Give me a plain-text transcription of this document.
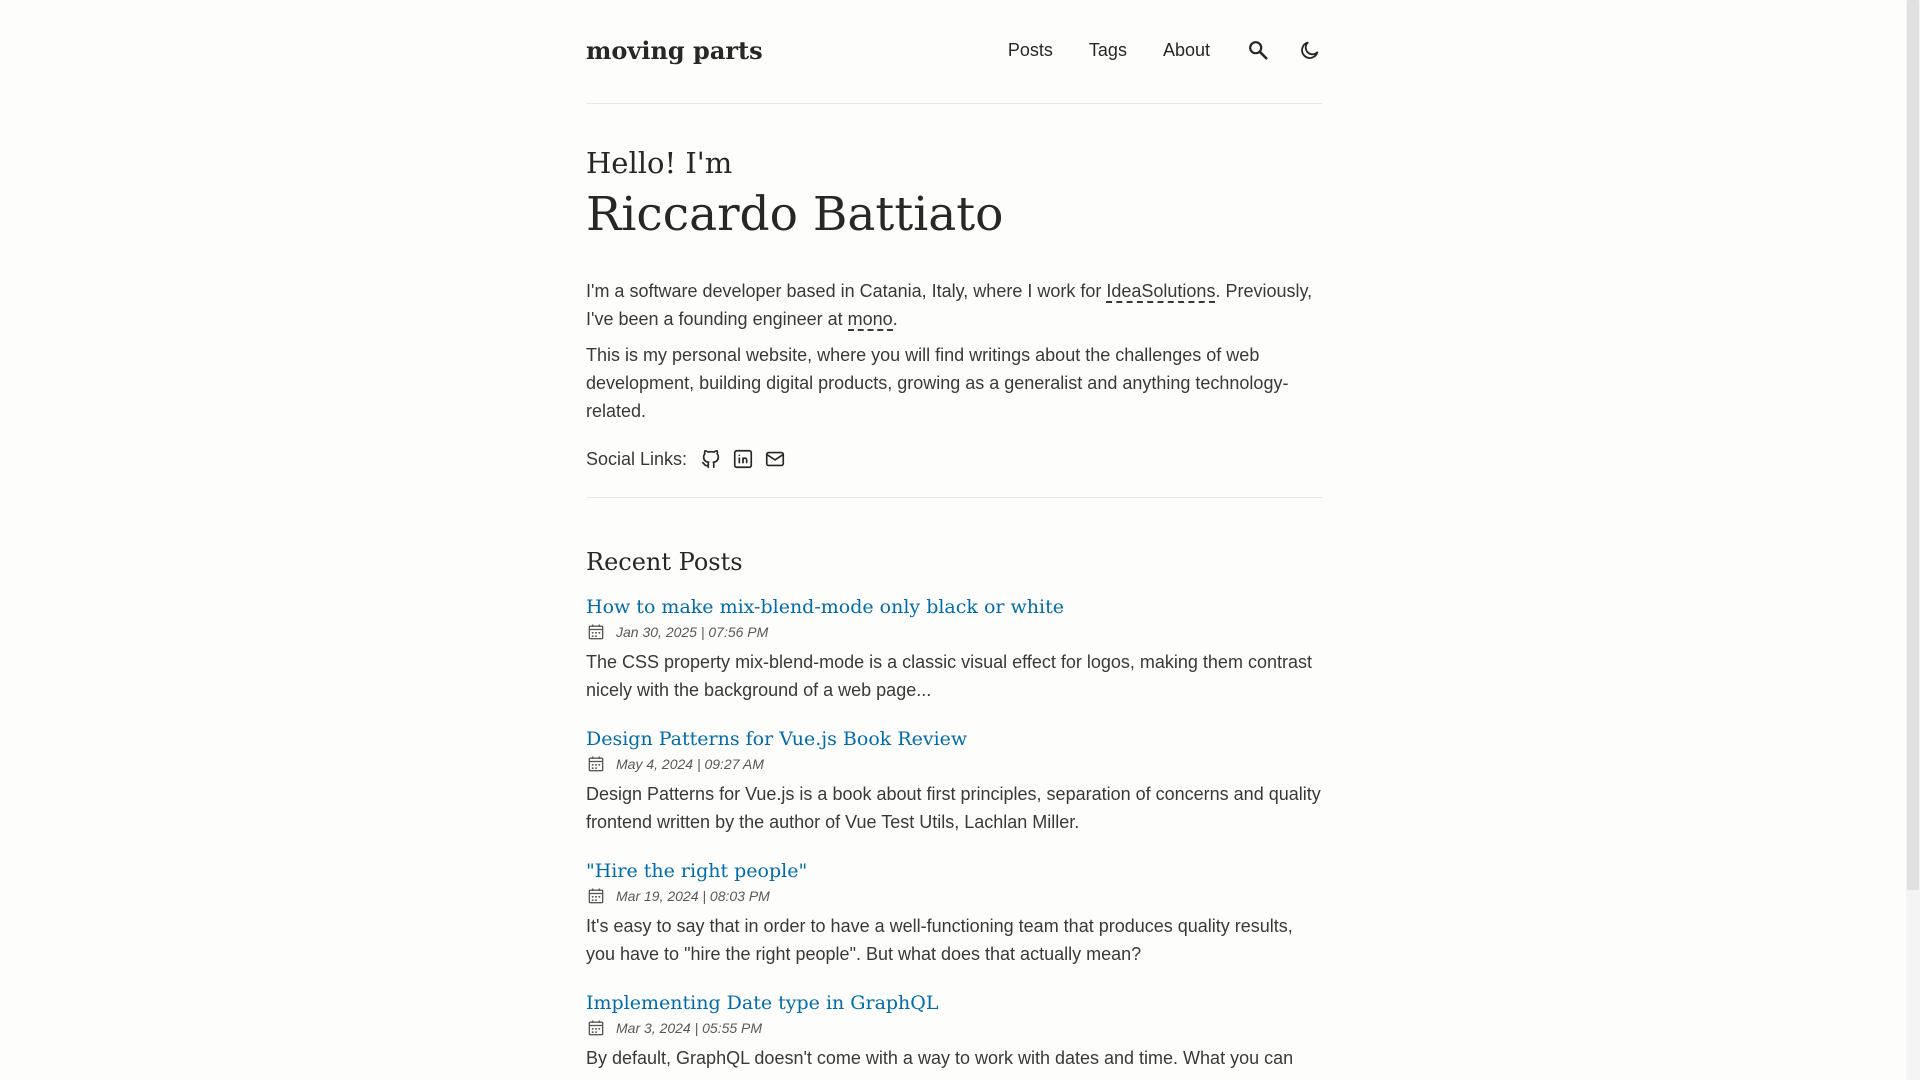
moving parts	Posts Tags About
Hello! I'm
Riccardo Battiato

I'm a software developer based in Catania, Italy, where I work for IdeaSolutions. Previously, I've been a founding engineer at mono.

This is my personal website, where you will find writings about the challenges of web development, building digital products, growing as a generalist and anything technology-related.

Social Links:
Recent Posts
How to make mix-blend-mode only black or white
Jan 30, 2025 | 07:56 PM

The CSS property mix-blend-mode is a classic visual effect for logos, making them contrast nicely with the background of a web page...

Design Patterns for Vue.js Book Review
May 4, 2024 | 09:27 AM

Design Patterns for Vue.js is a book about first principles, separation of concerns and quality frontend written by the author of Vue Test Utils, Lachlan Miller.

"Hire the right people"
Mar 19, 2024 | 08:03 PM

It's easy to say that in order to have a well-functioning team that produces quality results, you have to "hire the right people". But what does that actually mean?

Implementing Date type in GraphQL
Mar 3, 2024 | 05:55 PM

By default, GraphQL doesn't come with a way to work with dates and time. What you can
